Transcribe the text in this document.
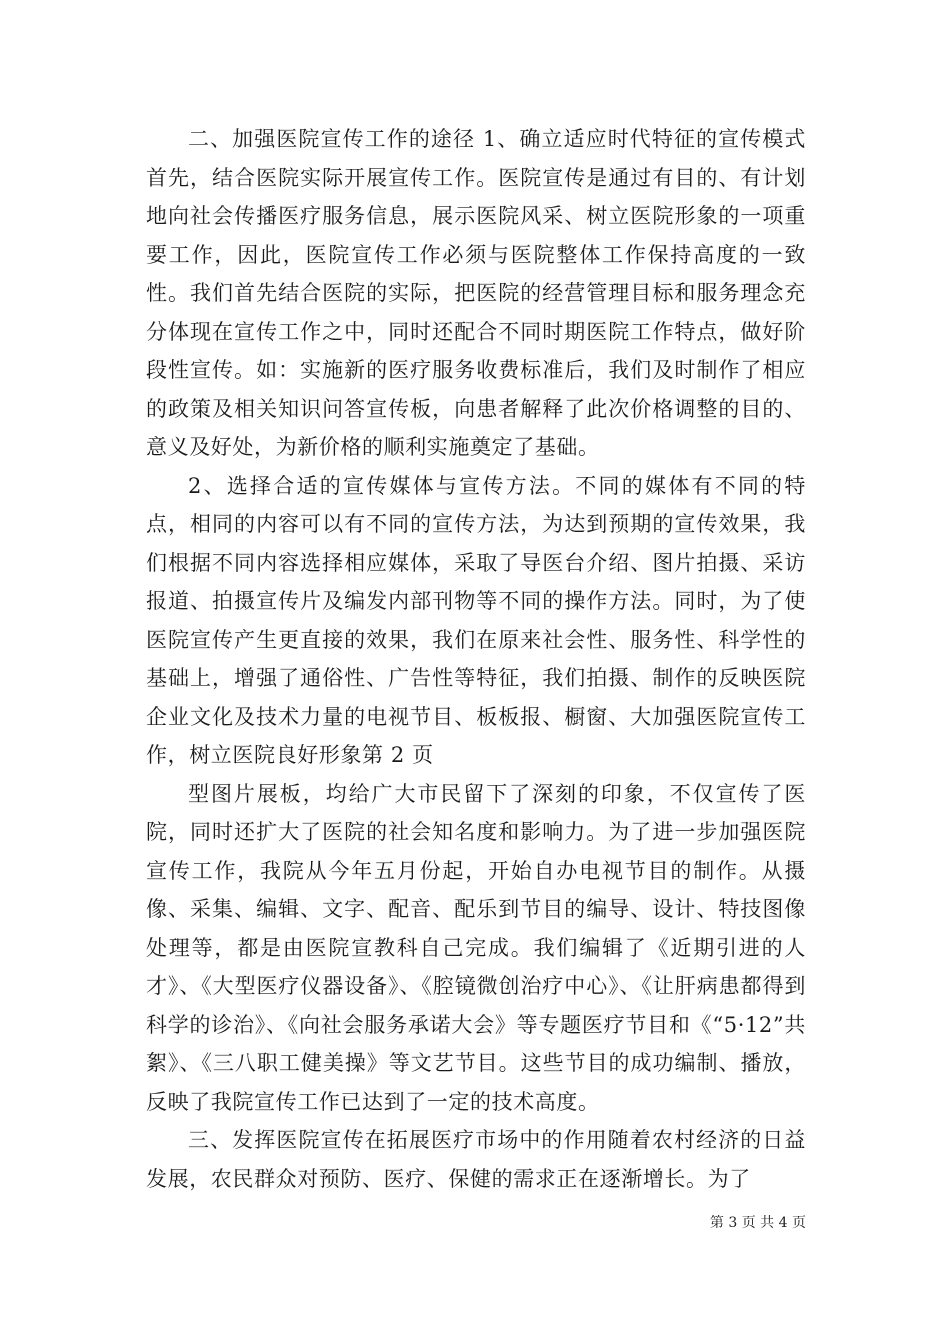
二、加强医院宣传工作的途径 1、确立适应时代特征的宣传模式首先，结合医院实际开展宣传工作。医院宣传是通过有目的、有计划地向社会传播医疗服务信息，展示医院风采、树立医院形象的一项重要工作，因此，医院宣传工作必须与医院整体工作保持高度的一致性。我们首先结合医院的实际，把医院的经营管理目标和服务理念充分体现在宣传工作之中，同时还配合不同时期医院工作特点，做好阶段性宣传。如：实施新的医疗服务收费标准后，我们及时制作了相应的政策及相关知识问答宣传板，向患者解释了此次价格调整的目的、意义及好处，为新价格的顺利实施奠定了基础。

2、选择合适的宣传媒体与宣传方法。不同的媒体有不同的特点，相同的内容可以有不同的宣传方法，为达到预期的宣传效果，我们根据不同内容选择相应媒体，采取了导医台介绍、图片拍摄、采访报道、拍摄宣传片及编发内部刊物等不同的操作方法。同时，为了使医院宣传产生更直接的效果，我们在原来社会性、服务性、科学性的基础上，增强了通俗性、广告性等特征，我们拍摄、制作的反映医院企业文化及技术力量的电视节目、板板报、橱窗、大加强医院宣传工作，树立医院良好形象第 2 页

型图片展板，均给广大市民留下了深刻的印象，不仅宣传了医院，同时还扩大了医院的社会知名度和影响力。为了进一步加强医院宣传工作，我院从今年五月份起，开始自办电视节目的制作。从摄像、采集、编辑、文字、配音、配乐到节目的编导、设计、特技图像处理等，都是由医院宣教科自己完成。我们编辑了《近期引进的人才》、《大型医疗仪器设备》、《腔镜微创治疗中心》、《让肝病患都得到科学的诊治》、《向社会服务承诺大会》等专题医疗节目和《“5·12”共絮》、《三八职工健美操》等文艺节目。这些节目的成功编制、播放，反映了我院宣传工作已达到了一定的技术高度。

三、发挥医院宣传在拓展医疗市场中的作用随着农村经济的日益发展，农民群众对预防、医疗、保健的需求正在逐渐增长。为了

第 3 页 共 4 页
